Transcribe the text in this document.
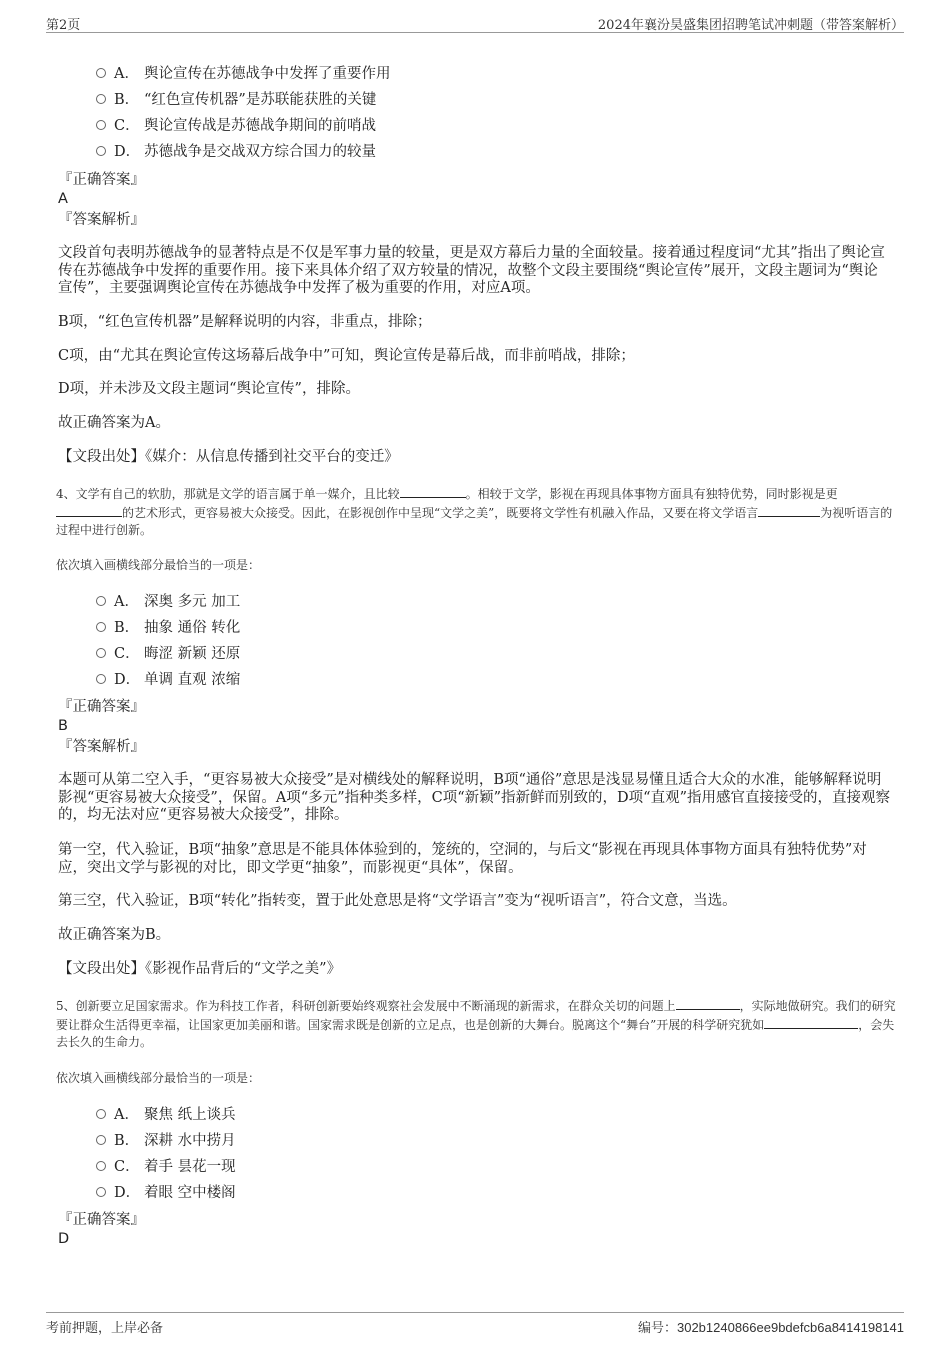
第2页	2024年襄汾昊盛集团招聘笔试冲刺题（带答案解析）
A． 舆论宣传在苏德战争中发挥了重要作用
B． “红色宣传机器”是苏联能获胜的关键
C． 舆论宣传战是苏德战争期间的前哨战
D． 苏德战争是交战双方综合国力的较量
『正确答案』
A
『答案解析』
文段首句表明苏德战争的显著特点是不仅是军事力量的较量，更是双方幕后力量的全面较量。接着通过程度词“尤其”指出了舆论宣传在苏德战争中发挥的重要作用。接下来具体介绍了双方较量的情况，故整个文段主要围绕“舆论宣传”展开，文段主题词为“舆论宣传”，主要强调舆论宣传在苏德战争中发挥了极为重要的作用，对应A项。
B项，“红色宣传机器”是解释说明的内容，非重点，排除；
C项，由“尤其在舆论宣传这场幕后战争中”可知，舆论宣传是幕后战，而非前哨战，排除；
D项，并未涉及文段主题词“舆论宣传”，排除。
故正确答案为A。
【文段出处】《媒介：从信息传播到社交平台的变迁》
4、文学有自己的软肋，那就是文学的语言属于单一媒介，且比较	。相较于文学，影视在再现具体事物方面具有独特优势，同时影视是更的艺术形式，更容易被大众接受。因此，在影视创作中呈现“文学之美”，既要将文学性有机融入作品，又要在将文学语言	为视听语言的过程中进行创新。
依次填入画横线部分最恰当的一项是：
A． 深奥 多元 加工
B． 抽象 通俗 转化
C． 晦涩 新颖 还原
D． 单调 直观 浓缩
『正确答案』
B
『答案解析』
本题可从第二空入手，“更容易被大众接受”是对横线处的解释说明，B项“通俗”意思是浅显易懂且适合大众的水准，能够解释说明影视“更容易被大众接受”，保留。A项“多元”指种类多样，C项“新颖”指新鲜而别致的，D项“直观”指用感官直接接受的，直接观察的，均无法对应“更容易被大众接受”，排除。
第一空，代入验证，B项“抽象”意思是不能具体体验到的，笼统的，空洞的，与后文“影视在再现具体事物方面具有独特优势”对应，突出文学与影视的对比，即文学更“抽象”，而影视更“具体”，保留。
第三空，代入验证，B项“转化”指转变，置于此处意思是将“文学语言”变为“视听语言”，符合文意，当选。
故正确答案为B。
【文段出处】《影视作品背后的“文学之美”》
5、创新要立足国家需求。作为科技工作者，科研创新要始终观察社会发展中不断涌现的新需求，在群众关切的问题上	，实际地做研究。我们的研究要让群众生活得更幸福，让国家更加美丽和谐。国家需求既是创新的立足点，也是创新的大舞台。脱离这个“舞台”开展的科学研究犹如	，会失去长久的生命力。
依次填入画横线部分最恰当的一项是：
A． 聚焦 纸上谈兵
B． 深耕 水中捞月
C． 着手 昙花一现
D． 着眼 空中楼阁
『正确答案』
D
考前押题，上岸必备	编号：302b1240866ee9bdefcb6a8414198141
